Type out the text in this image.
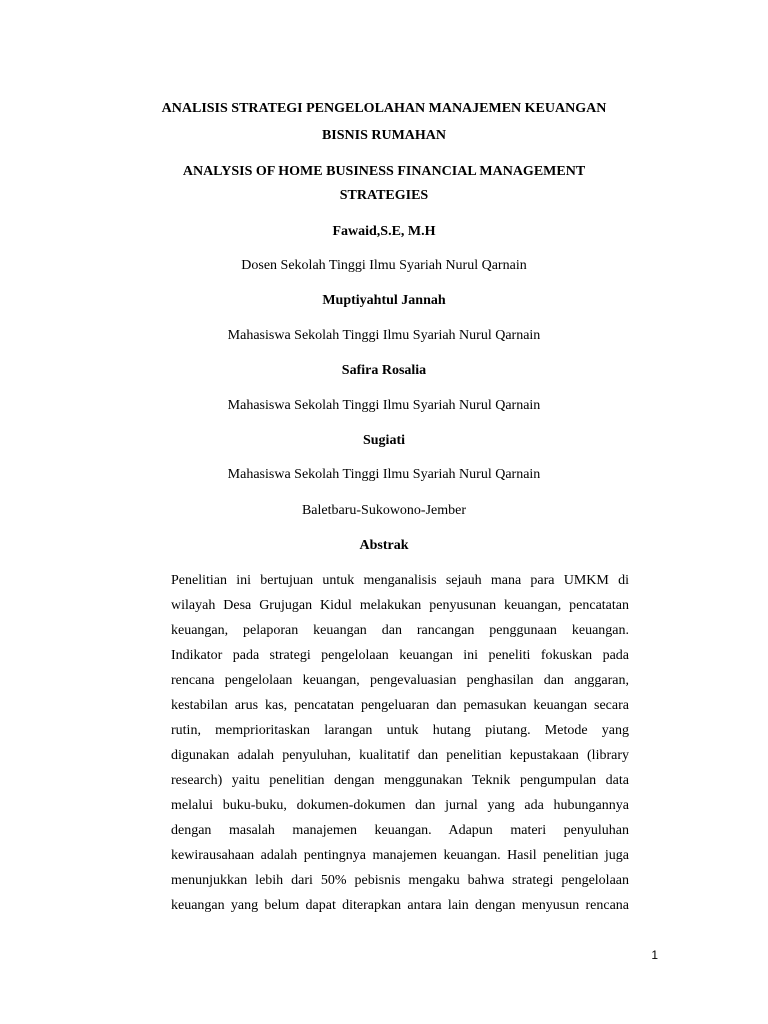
ANALISIS STRATEGI PENGELOLAHAN MANAJEMEN KEUANGAN
BISNIS RUMAHAN
ANALYSIS OF HOME BUSINESS FINANCIAL MANAGEMENT
STRATEGIES
Fawaid,S.E, M.H
Dosen Sekolah Tinggi Ilmu Syariah Nurul Qarnain
Muptiyahtul Jannah
Mahasiswa Sekolah Tinggi Ilmu Syariah Nurul Qarnain
Safira Rosalia
Mahasiswa Sekolah Tinggi Ilmu Syariah Nurul Qarnain
Sugiati
Mahasiswa Sekolah Tinggi Ilmu Syariah Nurul Qarnain
Baletbaru-Sukowono-Jember
Abstrak
Penelitian ini bertujuan untuk menganalisis sejauh mana para UMKM di
wilayah Desa Grujugan Kidul melakukan penyusunan keuangan, pencatatan
keuangan, pelaporan keuangan dan rancangan penggunaan keuangan.
Indikator pada strategi pengelolaan keuangan ini peneliti fokuskan pada
rencana pengelolaan keuangan, pengevaluasian penghasilan dan anggaran,
kestabilan arus kas, pencatatan pengeluaran dan pemasukan keuangan secara
rutin, memprioritaskan larangan untuk hutang piutang. Metode yang
digunakan adalah penyuluhan, kualitatif dan penelitian kepustakaan (library
research) yaitu penelitian dengan menggunakan Teknik pengumpulan data
melalui buku-buku, dokumen-dokumen dan jurnal yang ada hubungannya
dengan masalah manajemen keuangan. Adapun materi penyuluhan
kewirausahaan adalah pentingnya manajemen keuangan. Hasil penelitian juga
menunjukkan lebih dari 50% pebisnis mengaku bahwa strategi pengelolaan
keuangan yang belum dapat diterapkan antara lain dengan menyusun rencana
1
